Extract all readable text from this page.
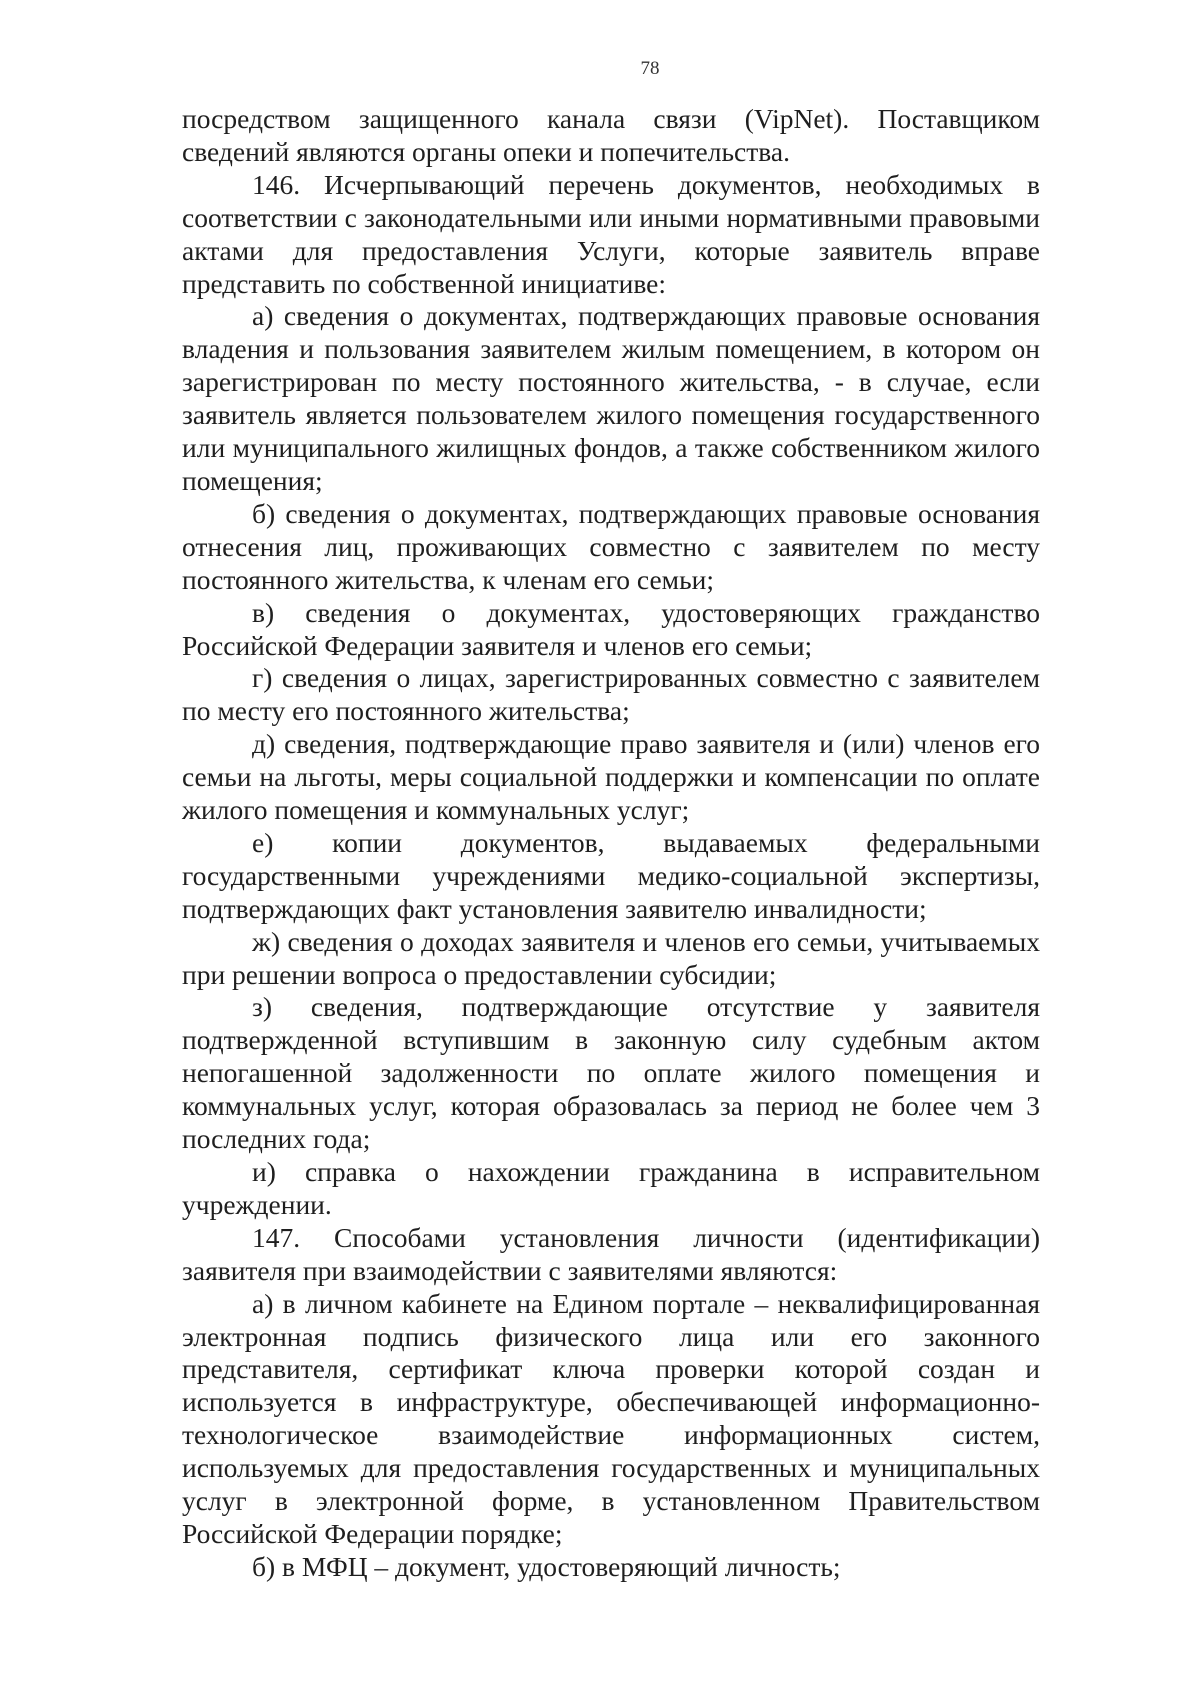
78

посредством защищенного канала связи (VipNet). Поставщиком сведений являются органы опеки и попечительства.

146. Исчерпывающий перечень документов, необходимых в соответствии с законодательными или иными нормативными правовыми актами для предоставления Услуги, которые заявитель вправе представить по собственной инициативе:

а) сведения о документах, подтверждающих правовые основания владения и пользования заявителем жилым помещением, в котором он зарегистрирован по месту постоянного жительства, - в случае, если заявитель является пользователем жилого помещения государственного или муниципального жилищных фондов, а также собственником жилого помещения;

б) сведения о документах, подтверждающих правовые основания отнесения лиц, проживающих совместно с заявителем по месту постоянного жительства, к членам его семьи;

в) сведения о документах, удостоверяющих гражданство Российской Федерации заявителя и членов его семьи;

г) сведения о лицах, зарегистрированных совместно с заявителем по месту его постоянного жительства;

д) сведения, подтверждающие право заявителя и (или) членов его семьи на льготы, меры социальной поддержки и компенсации по оплате жилого помещения и коммунальных услуг;

е) копии документов, выдаваемых федеральными государственными учреждениями медико-социальной экспертизы, подтверждающих факт установления заявителю инвалидности;

ж) сведения о доходах заявителя и членов его семьи, учитываемых при решении вопроса о предоставлении субсидии;

з) сведения, подтверждающие отсутствие у заявителя подтвержденной вступившим в законную силу судебным актом непогашенной задолженности по оплате жилого помещения и коммунальных услуг, которая образовалась за период не более чем 3 последних года;

и) справка о нахождении гражданина в исправительном учреждении.

147. Способами установления личности (идентификации) заявителя при взаимодействии с заявителями являются:

а) в личном кабинете на Едином портале – неквалифицированная электронная подпись физического лица или его законного представителя, сертификат ключа проверки которой создан и используется в инфраструктуре, обеспечивающей информационно-технологическое взаимодействие информационных систем, используемых для предоставления государственных и муниципальных услуг в электронной форме, в установленном Правительством Российской Федерации порядке;

б) в МФЦ – документ, удостоверяющий личность;
